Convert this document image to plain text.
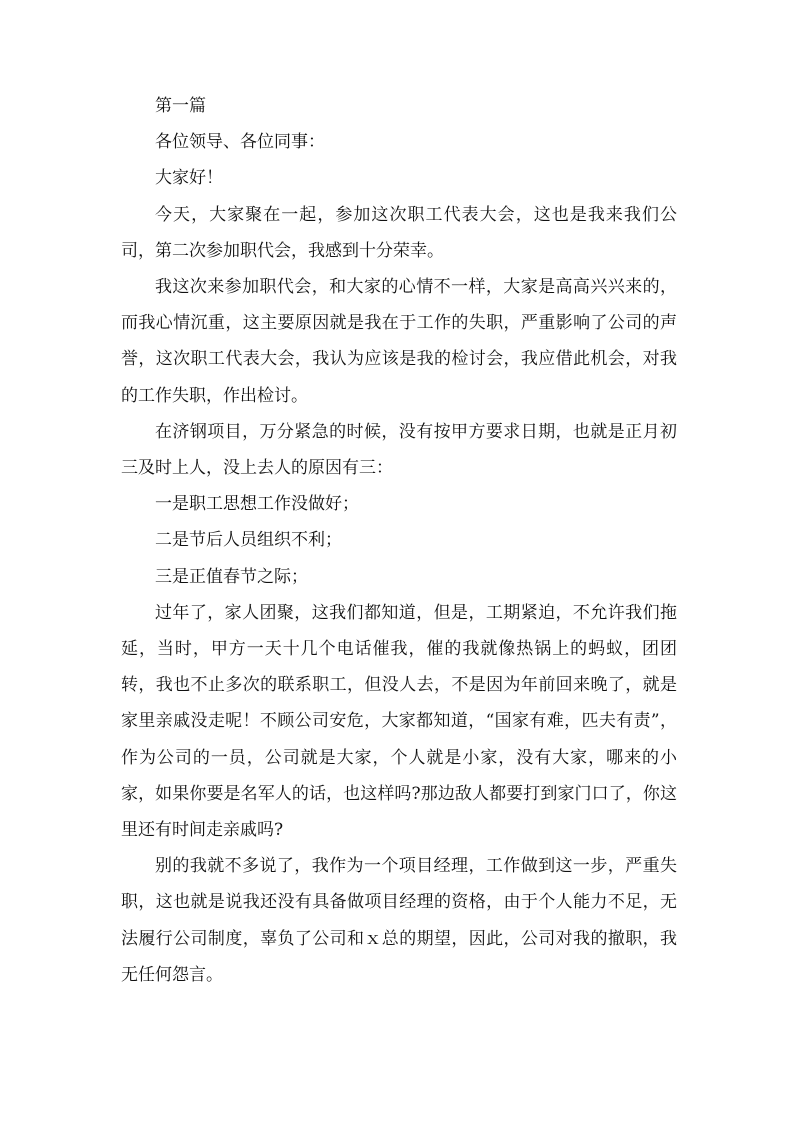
第一篇

各位领导、各位同事：

大家好！

今天，大家聚在一起，参加这次职工代表大会，这也是我来我们公司，第二次参加职代会，我感到十分荣幸。

我这次来参加职代会，和大家的心情不一样，大家是高高兴兴来的，而我心情沉重，这主要原因就是我在于工作的失职，严重影响了公司的声誉，这次职工代表大会，我认为应该是我的检讨会，我应借此机会，对我的工作失职，作出检讨。

在济钢项目，万分紧急的时候，没有按甲方要求日期，也就是正月初三及时上人，没上去人的原因有三：

一是职工思想工作没做好；

二是节后人员组织不利；

三是正值春节之际；

过年了，家人团聚，这我们都知道，但是，工期紧迫，不允许我们拖延，当时，甲方一天十几个电话催我，催的我就像热锅上的蚂蚁，团团转，我也不止多次的联系职工，但没人去，不是因为年前回来晚了，就是家里亲戚没走呢！不顾公司安危，大家都知道，“国家有难，匹夫有责”，作为公司的一员，公司就是大家，个人就是小家，没有大家，哪来的小家，如果你要是名军人的话，也这样吗?那边敌人都要打到家门口了，你这里还有时间走亲戚吗?

别的我就不多说了，我作为一个项目经理，工作做到这一步，严重失职，这也就是说我还没有具备做项目经理的资格，由于个人能力不足，无法履行公司制度，辜负了公司和ｘ总的期望，因此，公司对我的撤职，我无任何怨言。
